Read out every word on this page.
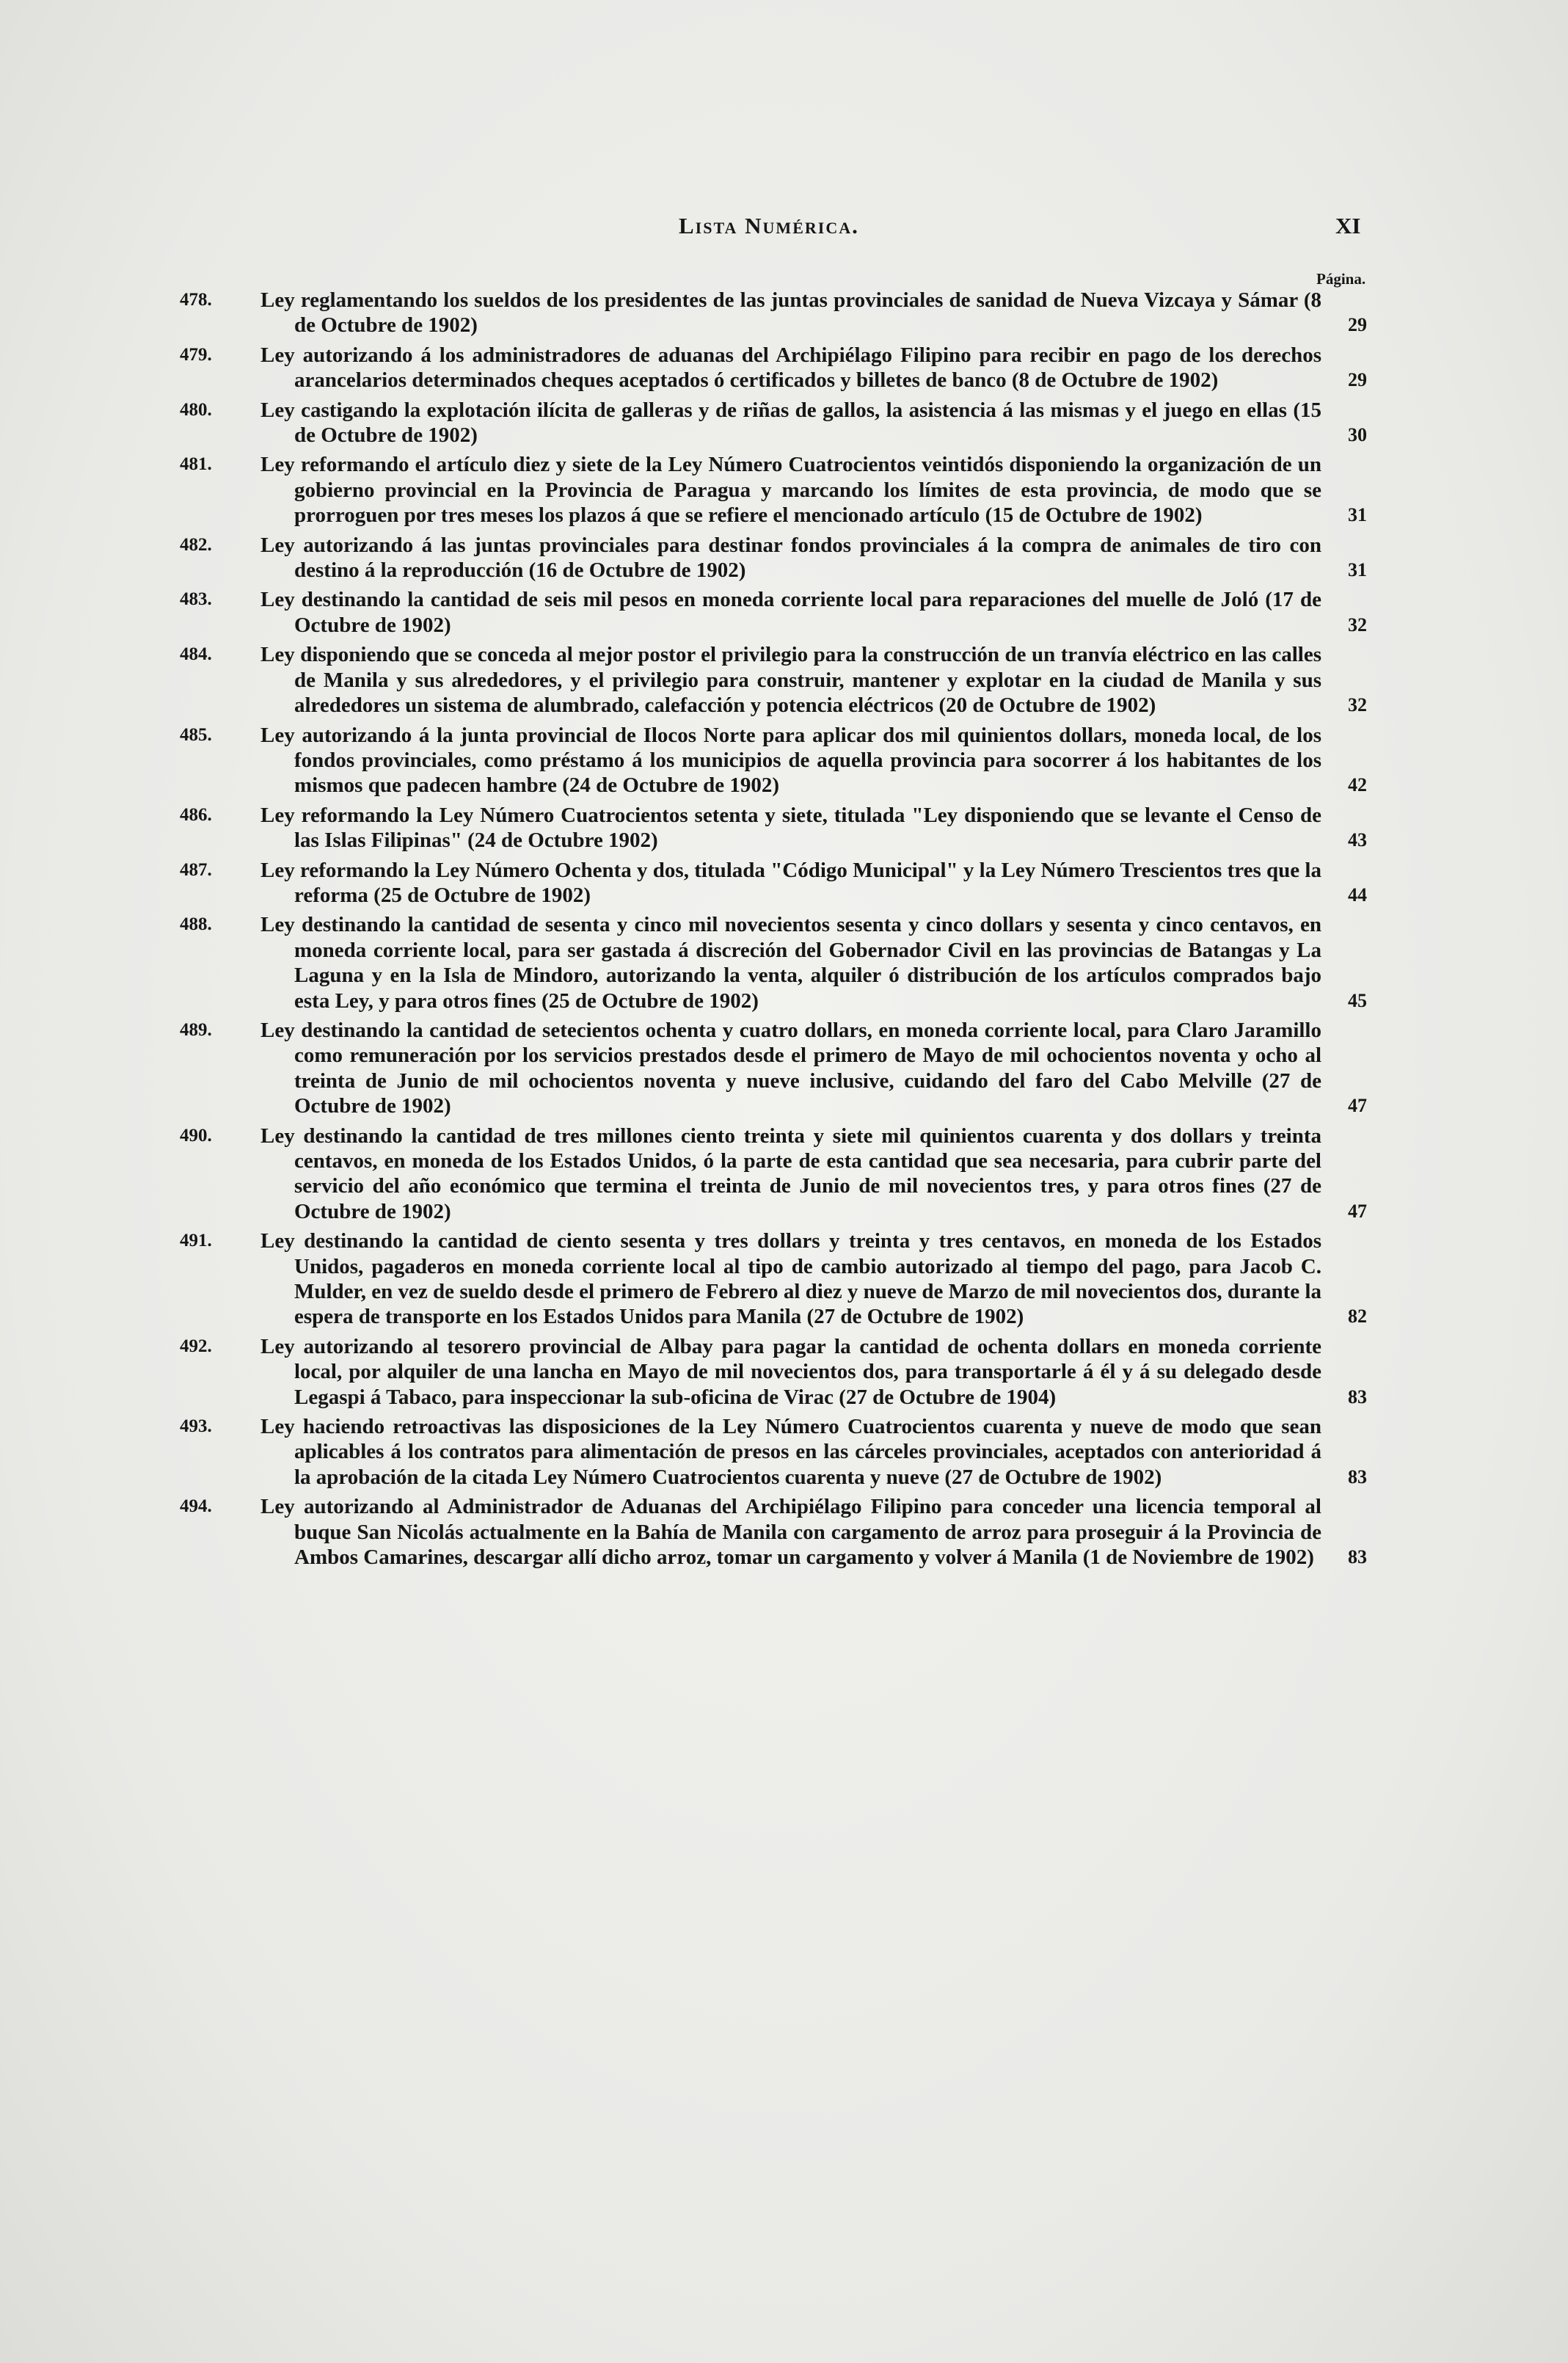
Lista Numérica.	XI
Página.
478. Ley reglamentando los sueldos de los presidentes de las juntas provinciales de sanidad de Nueva Vizcaya y Sámar (8 de Octubre de 1902)	29
479. Ley autorizando á los administradores de aduanas del Archipiélago Filipino para recibir en pago de los derechos arancelarios determinados cheques aceptados ó certificados y billetes de banco (8 de Octubre de 1902)	29
480. Ley castigando la explotación ilícita de galleras y de riñas de gallos, la asistencia á las mismas y el juego en ellas (15 de Octubre de 1902)	30
481. Ley reformando el artículo diez y siete de la Ley Número Cuatrocientos veintidós disponiendo la organización de un gobierno provincial en la Provincia de Paragua y marcando los límites de esta provincia, de modo que se prorroguen por tres meses los plazos á que se refiere el mencionado artículo (15 de Octubre de 1902)	31
482. Ley autorizando á las juntas provinciales para destinar fondos provinciales á la compra de animales de tiro con destino á la reproducción (16 de Octubre de 1902)	31
483. Ley destinando la cantidad de seis mil pesos en moneda corriente local para reparaciones del muelle de Joló (17 de Octubre de 1902)	32
484. Ley disponiendo que se conceda al mejor postor el privilegio para la construcción de un tranvía eléctrico en las calles de Manila y sus alrededores, y el privilegio para construir, mantener y explotar en la ciudad de Manila y sus alrededores un sistema de alumbrado, calefacción y potencia eléctricos (20 de Octubre de 1902)	32
485. Ley autorizando á la junta provincial de Ilocos Norte para aplicar dos mil quinientos dollars, moneda local, de los fondos provinciales, como préstamo á los municipios de aquella provincia para socorrer á los habitantes de los mismos que padecen hambre (24 de Octubre de 1902)	42
486. Ley reformando la Ley Número Cuatrocientos setenta y siete, titulada "Ley disponiendo que se levante el Censo de las Islas Filipinas" (24 de Octubre 1902)	43
487. Ley reformando la Ley Número Ochenta y dos, titulada "Código Municipal" y la Ley Número Trescientos tres que la reforma (25 de Octubre de 1902)	44
488. Ley destinando la cantidad de sesenta y cinco mil novecientos sesenta y cinco dollars y sesenta y cinco centavos, en moneda corriente local, para ser gastada á discreción del Gobernador Civil en las provincias de Batangas y La Laguna y en la Isla de Mindoro, autorizando la venta, alquiler ó distribución de los artículos comprados bajo esta Ley, y para otros fines (25 de Octubre de 1902)	45
489. Ley destinando la cantidad de setecientos ochenta y cuatro dollars, en moneda corriente local, para Claro Jaramillo como remuneración por los servicios prestados desde el primero de Mayo de mil ochocientos noventa y ocho al treinta de Junio de mil ochocientos noventa y nueve inclusive, cuidando del faro del Cabo Melville (27 de Octubre de 1902)	47
490. Ley destinando la cantidad de tres millones ciento treinta y siete mil quinientos cuarenta y dos dollars y treinta centavos, en moneda de los Estados Unidos, ó la parte de esta cantidad que sea necesaria, para cubrir parte del servicio del año económico que termina el treinta de Junio de mil novecientos tres, y para otros fines (27 de Octubre de 1902)	47
491. Ley destinando la cantidad de ciento sesenta y tres dollars y treinta y tres centavos, en moneda de los Estados Unidos, pagaderos en moneda corriente local al tipo de cambio autorizado al tiempo del pago, para Jacob C. Mulder, en vez de sueldo desde el primero de Febrero al diez y nueve de Marzo de mil novecientos dos, durante la espera de transporte en los Estados Unidos para Manila (27 de Octubre de 1902)	82
492. Ley autorizando al tesorero provincial de Albay para pagar la cantidad de ochenta dollars en moneda corriente local, por alquiler de una lancha en Mayo de mil novecientos dos, para transportarle á él y á su delegado desde Legaspi á Tabaco, para inspeccionar la sub-oficina de Virac (27 de Octubre de 1904)	83
493. Ley haciendo retroactivas las disposiciones de la Ley Número Cuatrocientos cuarenta y nueve de modo que sean aplicables á los contratos para alimentación de presos en las cárceles provinciales, aceptados con anterioridad á la aprobación de la citada Ley Número Cuatrocientos cuarenta y nueve (27 de Octubre de 1902)	83
494. Ley autorizando al Administrador de Aduanas del Archipiélago Filipino para conceder una licencia temporal al buque San Nicolás actualmente en la Bahía de Manila con cargamento de arroz para proseguir á la Provincia de Ambos Camarines, descargar allí dicho arroz, tomar un cargamento y volver á Manila (1 de Noviembre de 1902)	83
